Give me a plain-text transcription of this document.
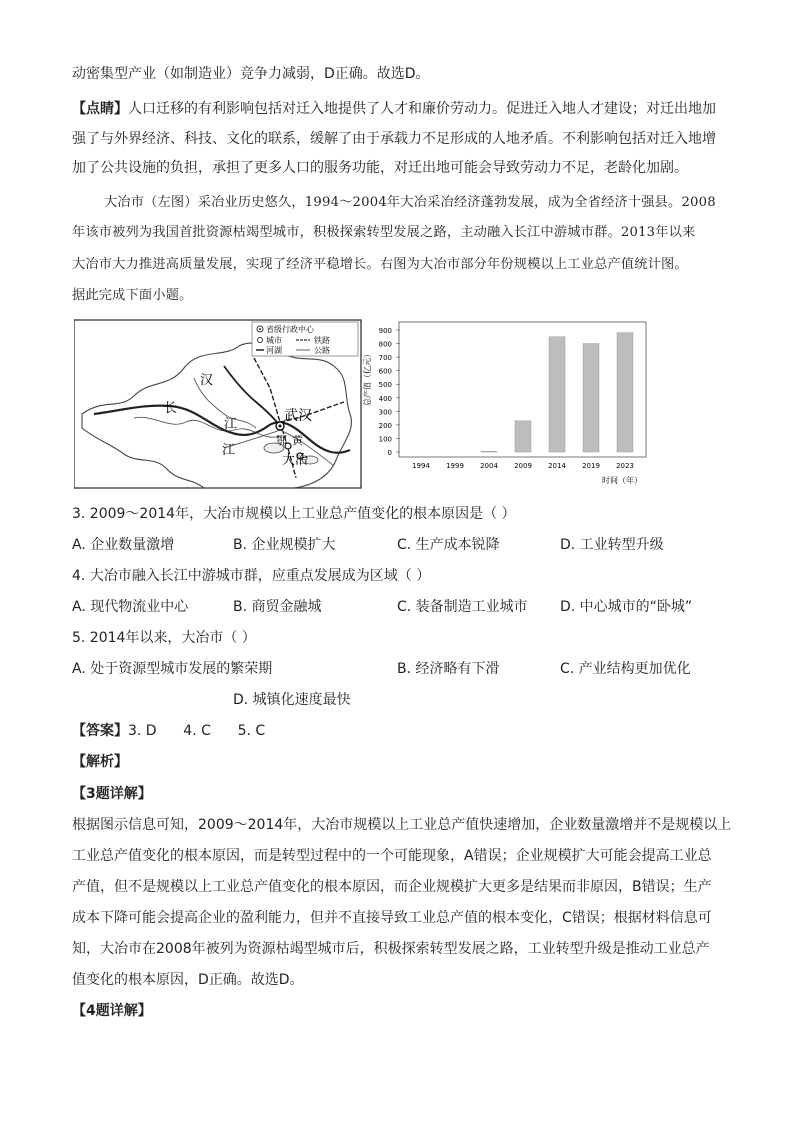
动密集型产业（如制造业）竞争力减弱，D正确。故选D。
【点睛】人口迁移的有利影响包括对迁入地提供了人才和廉价劳动力。促进迁入地人才建设；对迁出地加
强了与外界经济、科技、文化的联系，缓解了由于承载力不足形成的人地矛盾。不利影响包括对迁入地增
加了公共设施的负担，承担了更多人口的服务功能，对迁出地可能会导致劳动力不足，老龄化加剧。
大冶市（左图）采冶业历史悠久，1994～2004年大冶采冶经济蓬勃发展，成为全省经济十强县。2008
年该市被列为我国首批资源枯竭型城市，积极探索转型发展之路，主动融入长江中游城市群。2013年以来
大冶市大力推进高质量发展，实现了经济平稳增长。右图为大冶市部分年份规模以上工业总产值统计图。
据此完成下面小题。
汉
长
江
江
武汉
鄂 黄
大冶
省级行政中心
城市	铁路
河湖	公路	总产值（亿元）
时间（年）
900
800
700
600
500
400
300
200
100
0
1994 1999 2004 2009 2014 2019 2023
3. 2009～2014年，大冶市规模以上工业总产值变化的根本原因是（ ）
A. 企业数量激增	B. 企业规模扩大	C. 生产成本锐降	D. 工业转型升级
4. 大冶市融入长江中游城市群，应重点发展成为区域（ ）
A. 现代物流业中心	B. 商贸金融城	C. 装备制造工业城市 D. 中心城市的“卧城”
5. 2014年以来，大冶市（ ）
A. 处于资源型城市发展的繁荣期	B. 经济略有下滑	C. 产业结构更加优化
D. 城镇化速度最快
【答案】3. D      4. C      5. C
【解析】
【3题详解】
根据图示信息可知，2009～2014年，大冶市规模以上工业总产值快速增加，企业数量激增并不是规模以上
工业总产值变化的根本原因，而是转型过程中的一个可能现象，A错误；企业规模扩大可能会提高工业总
产值，但不是规模以上工业总产值变化的根本原因，而企业规模扩大更多是结果而非原因，B错误；生产
成本下降可能会提高企业的盈利能力，但并不直接导致工业总产值的根本变化，C错误；根据材料信息可
知，大冶市在2008年被列为资源枯竭型城市后，积极探索转型发展之路，工业转型升级是推动工业总产
值变化的根本原因，D正确。故选D。
【4题详解】
